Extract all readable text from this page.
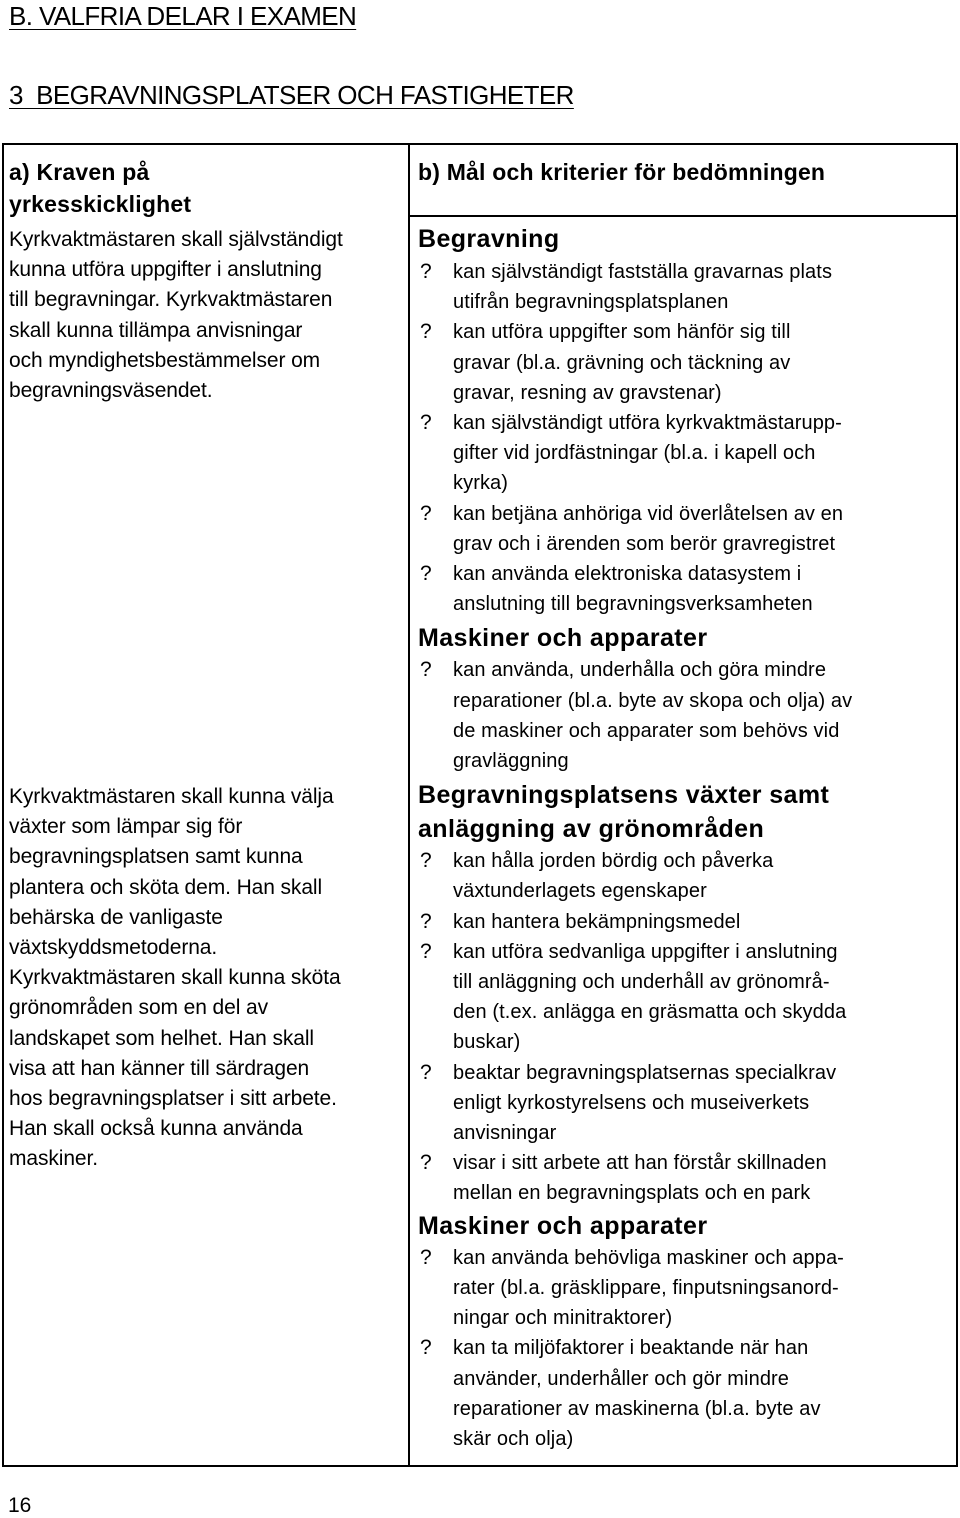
B. VALFRIA DELAR I EXAMEN
3  BEGRAVNINGSPLATSER OCH FASTIGHETER
a) Kraven på
yrkesskicklighet
b) Mål och kriterier för bedömningen
Kyrkvaktmästaren skall självständigt
kunna utföra uppgifter i anslutning
till begravningar. Kyrkvaktmästaren
skall kunna tillämpa anvisningar
och myndighetsbestämmelser om
begravningsväsendet.
Kyrkvaktmästaren skall kunna välja
växter som lämpar sig för
begravningsplatsen samt kunna
plantera och sköta dem. Han skall
behärska de vanligaste
växtskyddsmetoderna.
Kyrkvaktmästaren skall kunna sköta
grönområden som en del av
landskapet som helhet. Han skall
visa att han känner till särdragen
hos begravningsplatser i sitt arbete.
Han skall också kunna använda
maskiner.
Begravning
? kan självständigt fastställa gravarnas plats
utifrån begravningsplatsplanen
? kan utföra uppgifter som hänför sig till
gravar (bl.a. grävning och täckning av
gravar, resning av gravstenar)
? kan självständigt utföra kyrkvaktmästarupp-
gifter vid jordfästningar (bl.a. i kapell och
kyrka)
? kan betjäna anhöriga vid överlåtelsen av en
grav och i ärenden som berör gravregistret
? kan använda elektroniska datasystem i
anslutning till begravningsverksamheten
Maskiner och apparater
? kan använda, underhålla och göra mindre
reparationer (bl.a. byte av skopa och olja) av
de maskiner och apparater som behövs vid
gravläggning
Begravningsplatsens växter samt
anläggning av grönområden
? kan hålla jorden bördig och påverka
växtunderlagets egenskaper
? kan hantera bekämpningsmedel
? kan utföra sedvanliga uppgifter i anslutning
till anläggning och underhåll av grönområ-
den (t.ex. anlägga en gräsmatta och skydda
buskar)
? beaktar begravningsplatsernas specialkrav
enligt kyrkostyrelsens och museiverkets
anvisningar
? visar i sitt arbete att han förstår skillnaden
mellan en begravningsplats och en park
Maskiner och apparater
? kan använda behövliga maskiner och appa-
rater (bl.a. gräsklippare, finputsningsanord-
ningar och minitraktorer)
? kan ta miljöfaktorer i beaktande när han
använder, underhåller och gör mindre
reparationer av maskinerna (bl.a. byte av
skär och olja)
16
